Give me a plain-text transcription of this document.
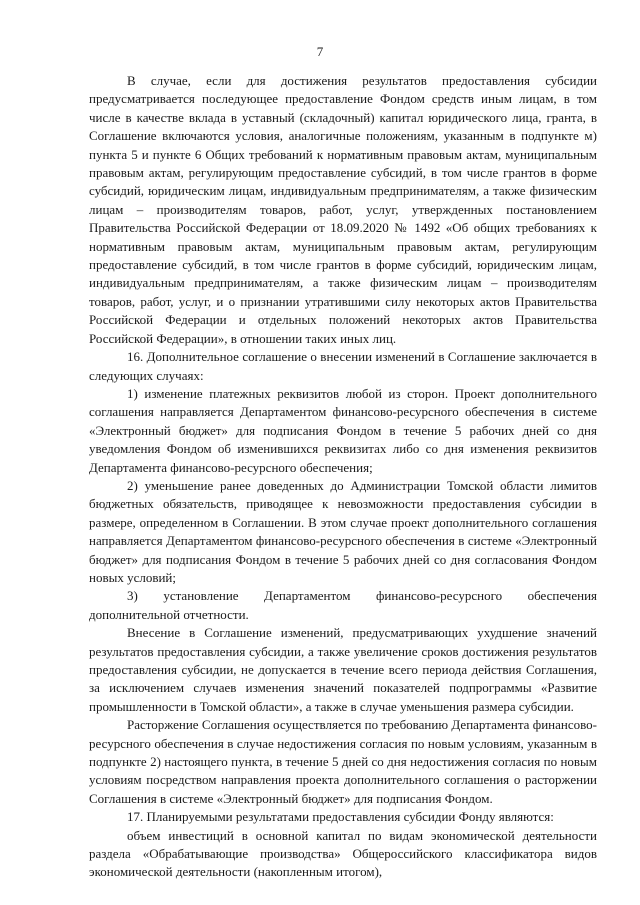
7

В случае, если для достижения результатов предоставления субсидии предусматривается последующее предоставление Фондом средств иным лицам, в том числе в качестве вклада в уставный (складочный) капитал юридического лица, гранта, в Соглашение включаются условия, аналогичные положениям, указанным в подпункте м) пункта 5 и пункте 6 Общих требований к нормативным правовым актам, муниципальным правовым актам, регулирующим предоставление субсидий, в том числе грантов в форме субсидий, юридическим лицам, индивидуальным предпринимателям, а также физическим лицам – производителям товаров, работ, услуг, утвержденных постановлением Правительства Российской Федерации от 18.09.2020 № 1492 «Об общих требованиях к нормативным правовым актам, муниципальным правовым актам, регулирующим предоставление субсидий, в том числе грантов в форме субсидий, юридическим лицам, индивидуальным предпринимателям, а также физическим лицам – производителям товаров, работ, услуг, и о признании утратившими силу некоторых актов Правительства Российской Федерации и отдельных положений некоторых актов Правительства Российской Федерации», в отношении таких иных лиц.

16. Дополнительное соглашение о внесении изменений в Соглашение заключается в следующих случаях:

1) изменение платежных реквизитов любой из сторон. Проект дополнительного соглашения направляется Департаментом финансово-ресурсного обеспечения в системе «Электронный бюджет» для подписания Фондом в течение 5 рабочих дней со дня уведомления Фондом об изменившихся реквизитах либо со дня изменения реквизитов Департамента финансово-ресурсного обеспечения;

2) уменьшение ранее доведенных до Администрации Томской области лимитов бюджетных обязательств, приводящее к невозможности предоставления субсидии в размере, определенном в Соглашении. В этом случае проект дополнительного соглашения направляется Департаментом финансово-ресурсного обеспечения в системе «Электронный бюджет» для подписания Фондом в течение 5 рабочих дней со дня согласования Фондом новых условий;

3) установление Департаментом финансово-ресурсного обеспечения дополнительной отчетности.

Внесение в Соглашение изменений, предусматривающих ухудшение значений результатов предоставления субсидии, а также увеличение сроков достижения результатов предоставления субсидии, не допускается в течение всего периода действия Соглашения, за исключением случаев изменения значений показателей подпрограммы «Развитие промышленности в Томской области», а также в случае уменьшения размера субсидии.

Расторжение Соглашения осуществляется по требованию Департамента финансово-ресурсного обеспечения в случае недостижения согласия по новым условиям, указанным в подпункте 2) настоящего пункта, в течение 5 дней со дня недостижения согласия по новым условиям посредством направления проекта дополнительного соглашения о расторжении Соглашения в системе «Электронный бюджет» для подписания Фондом.

17. Планируемыми результатами предоставления субсидии Фонду являются:

объем инвестиций в основной капитал по видам экономической деятельности раздела «Обрабатывающие производства» Общероссийского классификатора видов экономической деятельности (накопленным итогом),
